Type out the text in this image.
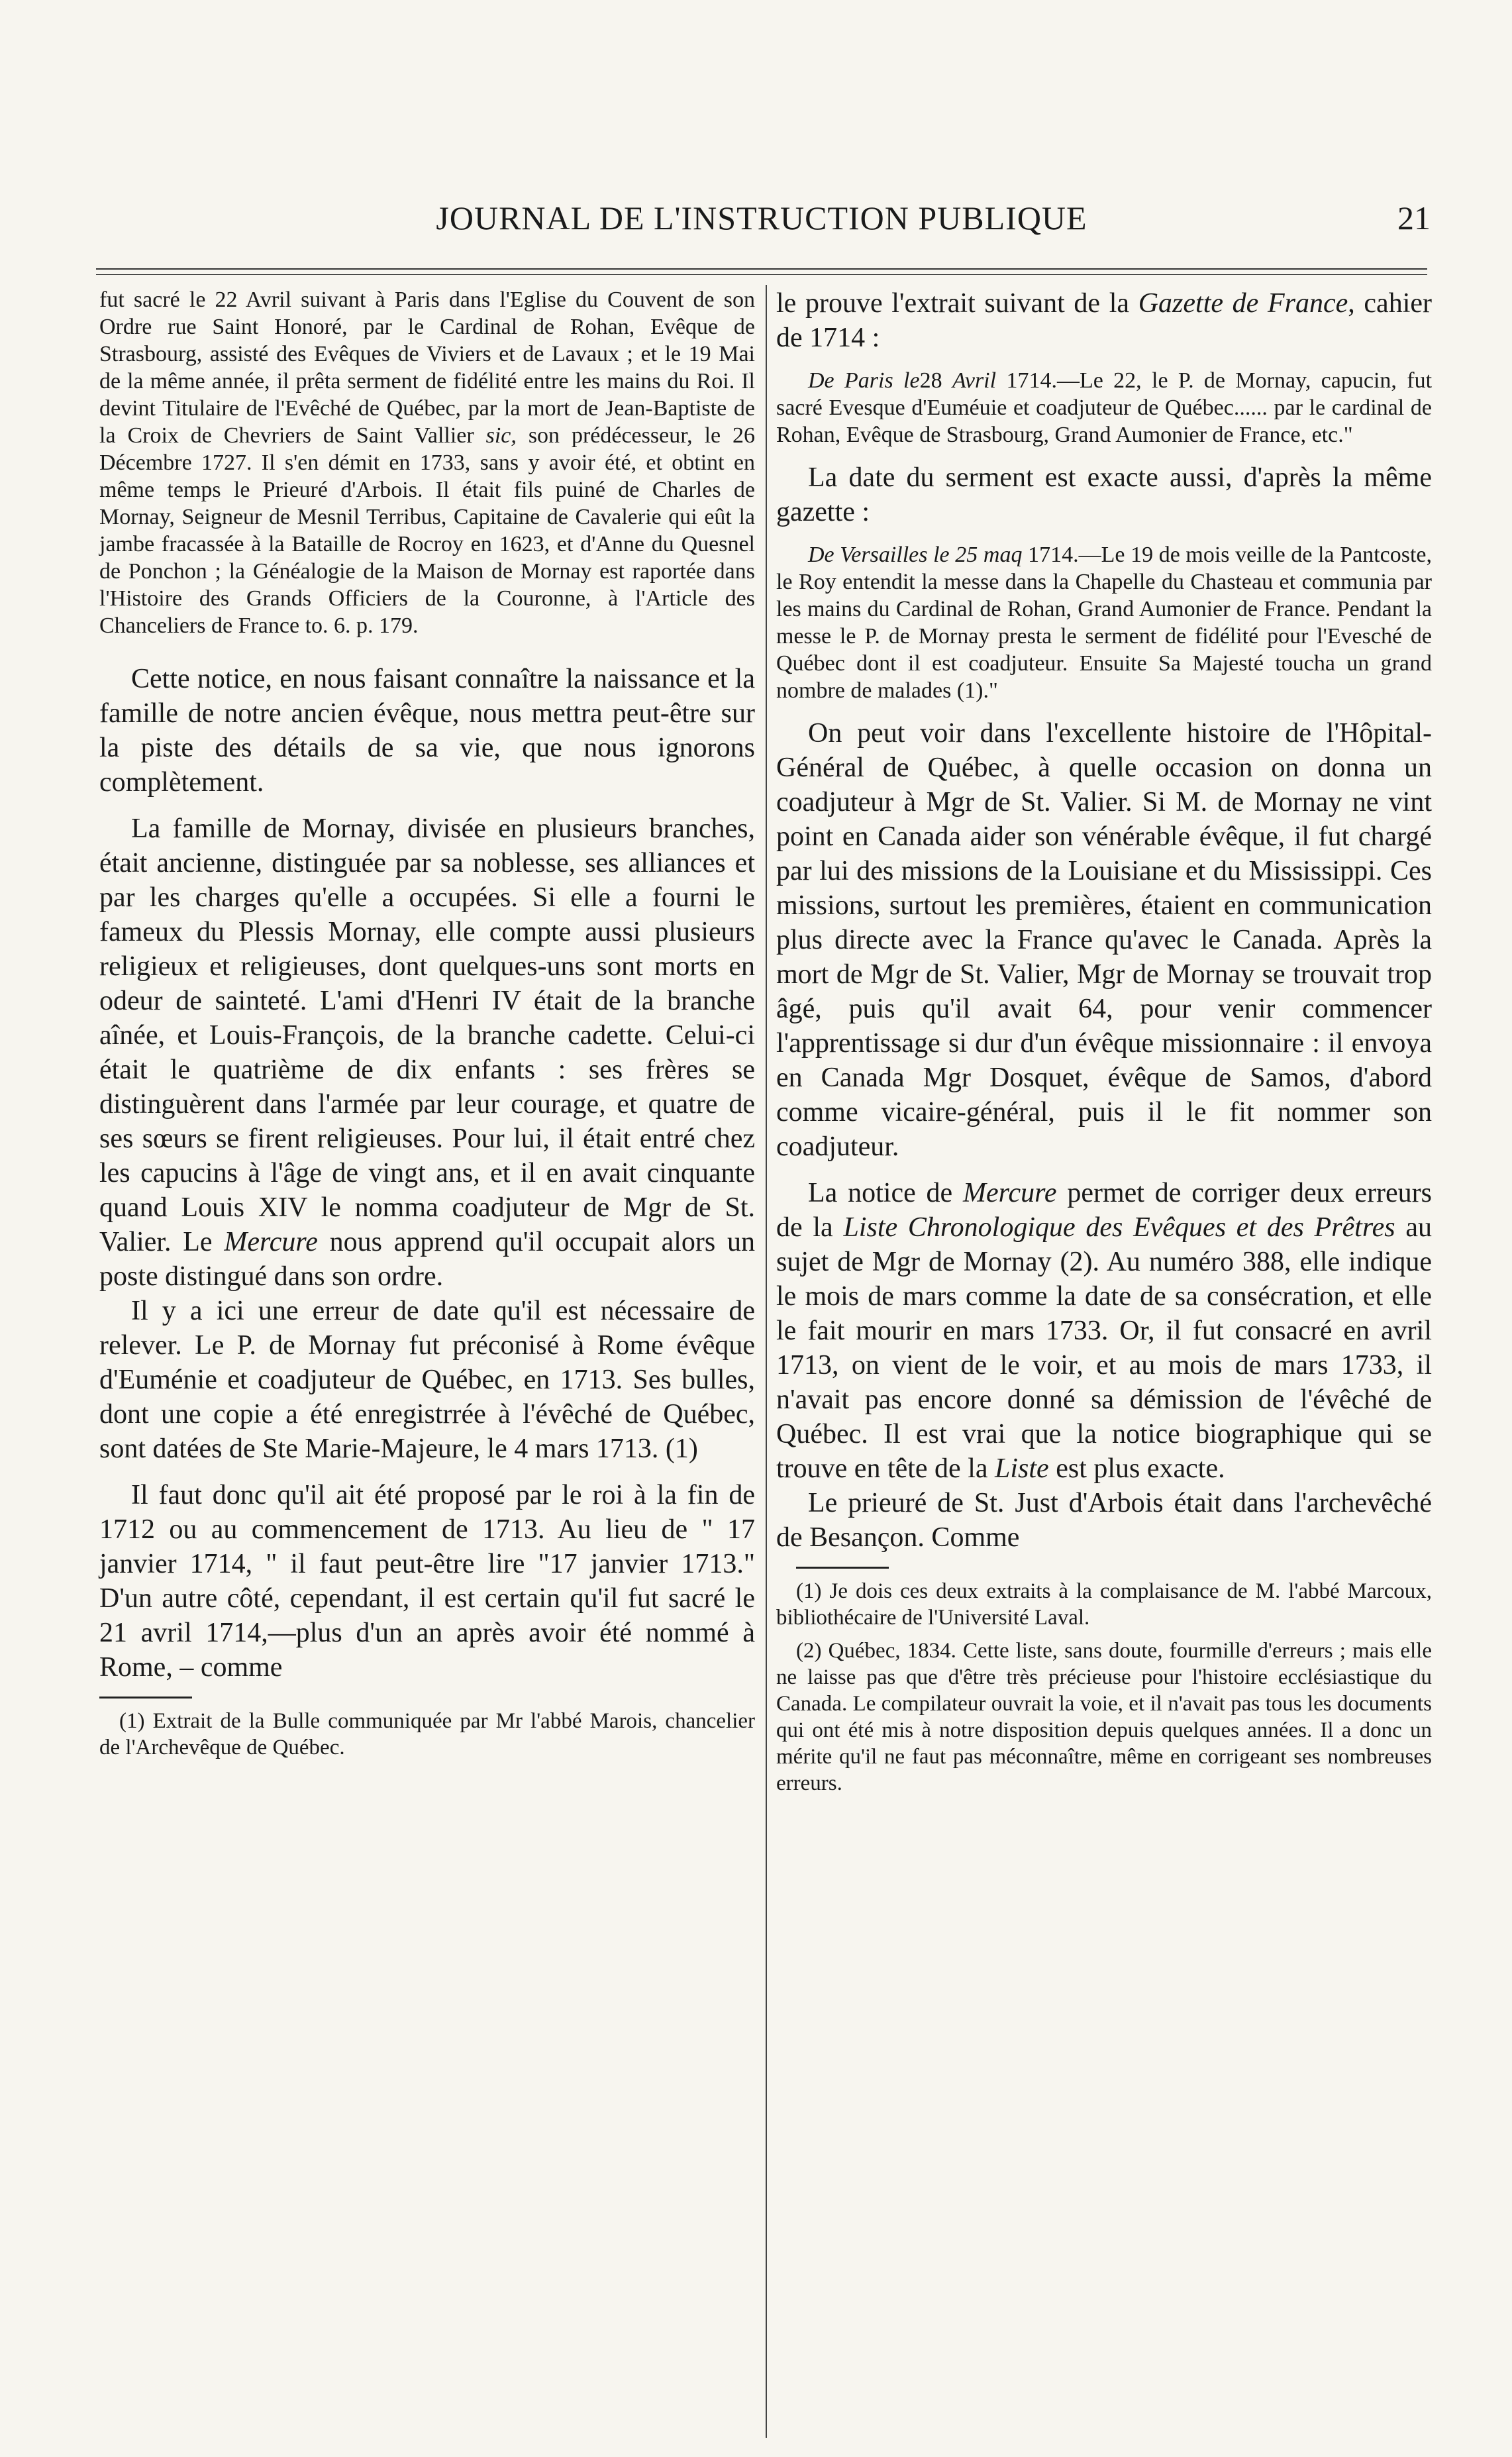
JOURNAL DE L'INSTRUCTION PUBLIQUE	21

fut sacré le 22 Avril suivant à Paris dans l'Eglise du Couvent de son Ordre rue Saint Honoré, par le Cardinal de Rohan, Evêque de Strasbourg, assisté des Evêques de Viviers et de Lavaux ; et le 19 Mai de la même année, il prêta serment de fidélité entre les mains du Roi. Il devint Titulaire de l'Evêché de Québec, par la mort de Jean-Baptiste de la Croix de Chevriers de Saint Vallier sic, son prédécesseur, le 26 Décembre 1727. Il s'en démit en 1733, sans y avoir été, et obtint en même temps le Prieuré d'Arbois. Il était fils puiné de Charles de Mornay, Seigneur de Mesnil Terribus, Capitaine de Cavalerie qui eût la jambe fracassée à la Bataille de Rocroy en 1623, et d'Anne du Quesnel de Ponchon ; la Généalogie de la Maison de Mornay est raportée dans l'Histoire des Grands Officiers de la Couronne, à l'Article des Chanceliers de France to. 6. p. 179.

Cette notice, en nous faisant connaître la naissance et la famille de notre ancien évêque, nous mettra peut-être sur la piste des détails de sa vie, que nous ignorons complètement.

La famille de Mornay, divisée en plusieurs branches, était ancienne, distinguée par sa noblesse, ses alliances et par les charges qu'elle a occupées. Si elle a fourni le fameux du Plessis Mornay, elle compte aussi plusieurs religieux et religieuses, dont quelques-uns sont morts en odeur de sainteté. L'ami d'Henri IV était de la branche aînée, et Louis-François, de la branche cadette. Celui-ci était le quatrième de dix enfants : ses frères se distinguèrent dans l'armée par leur courage, et quatre de ses sœurs se firent religieuses. Pour lui, il était entré chez les capucins à l'âge de vingt ans, et il en avait cinquante quand Louis XIV le nomma coadjuteur de Mgr de St. Valier. Le Mercure nous apprend qu'il occupait alors un poste distingué dans son ordre.

Il y a ici une erreur de date qu'il est nécessaire de relever. Le P. de Mornay fut préconisé à Rome évêque d'Euménie et coadjuteur de Québec, en 1713. Ses bulles, dont une copie a été enregistrrée à l'évêché de Québec, sont datées de Ste Marie-Majeure, le 4 mars 1713. (1)

Il faut donc qu'il ait été proposé par le roi à la fin de 1712 ou au commencement de 1713. Au lieu de " 17 janvier 1714, " il faut peut-être lire "17 janvier 1713." D'un autre côté, cependant, il est certain qu'il fut sacré le 21 avril 1714,—plus d'un an après avoir été nommé à Rome, – comme

(1) Extrait de la Bulle communiquée par Mr l'abbé Marois, chancelier de l'Archevêque de Québec.

le prouve l'extrait suivant de la Gazette de France, cahier de 1714 :

De Paris le28 Avril 1714.—Le 22, le P. de Mornay, capucin, fut sacré Evesque d'Euméuie et coadjuteur de Québec...... par le cardinal de Rohan, Evêque de Strasbourg, Grand Aumonier de France, etc."

La date du serment est exacte aussi, d'après la même gazette :

De Versailles le 25 maq 1714.—Le 19 de mois veille de la Pantcoste, le Roy entendit la messe dans la Chapelle du Chasteau et communia par les mains du Cardinal de Rohan, Grand Aumonier de France. Pendant la messe le P. de Mornay presta le serment de fidélité pour l'Evesché de Québec dont il est coadjuteur. Ensuite Sa Majesté toucha un grand nombre de malades (1)."

On peut voir dans l'excellente histoire de l'Hôpital-Général de Québec, à quelle occasion on donna un coadjuteur à Mgr de St. Valier. Si M. de Mornay ne vint point en Canada aider son vénérable évêque, il fut chargé par lui des missions de la Louisiane et du Mississippi. Ces missions, surtout les premières, étaient en communication plus directe avec la France qu'avec le Canada. Après la mort de Mgr de St. Valier, Mgr de Mornay se trouvait trop âgé, puis qu'il avait 64, pour venir commencer l'apprentissage si dur d'un évêque missionnaire : il envoya en Canada Mgr Dosquet, évêque de Samos, d'abord comme vicaire-général, puis il le fit nommer son coadjuteur.

La notice de Mercure permet de corriger deux erreurs de la Liste Chronologique des Evêques et des Prêtres au sujet de Mgr de Mornay (2). Au numéro 388, elle indique le mois de mars comme la date de sa consécration, et elle le fait mourir en mars 1733. Or, il fut consacré en avril 1713, on vient de le voir, et au mois de mars 1733, il n'avait pas encore donné sa démission de l'évêché de Québec. Il est vrai que la notice biographique qui se trouve en tête de la Liste est plus exacte.

Le prieuré de St. Just d'Arbois était dans l'archevêché de Besançon. Comme

(1) Je dois ces deux extraits à la complaisance de M. l'abbé Marcoux, bibliothécaire de l'Université Laval.

(2) Québec, 1834. Cette liste, sans doute, fourmille d'erreurs ; mais elle ne laisse pas que d'être très précieuse pour l'histoire ecclésiastique du Canada. Le compilateur ouvrait la voie, et il n'avait pas tous les documents qui ont été mis à notre disposition depuis quelques années. Il a donc un mérite qu'il ne faut pas méconnaître, même en corrigeant ses nombreuses erreurs.
